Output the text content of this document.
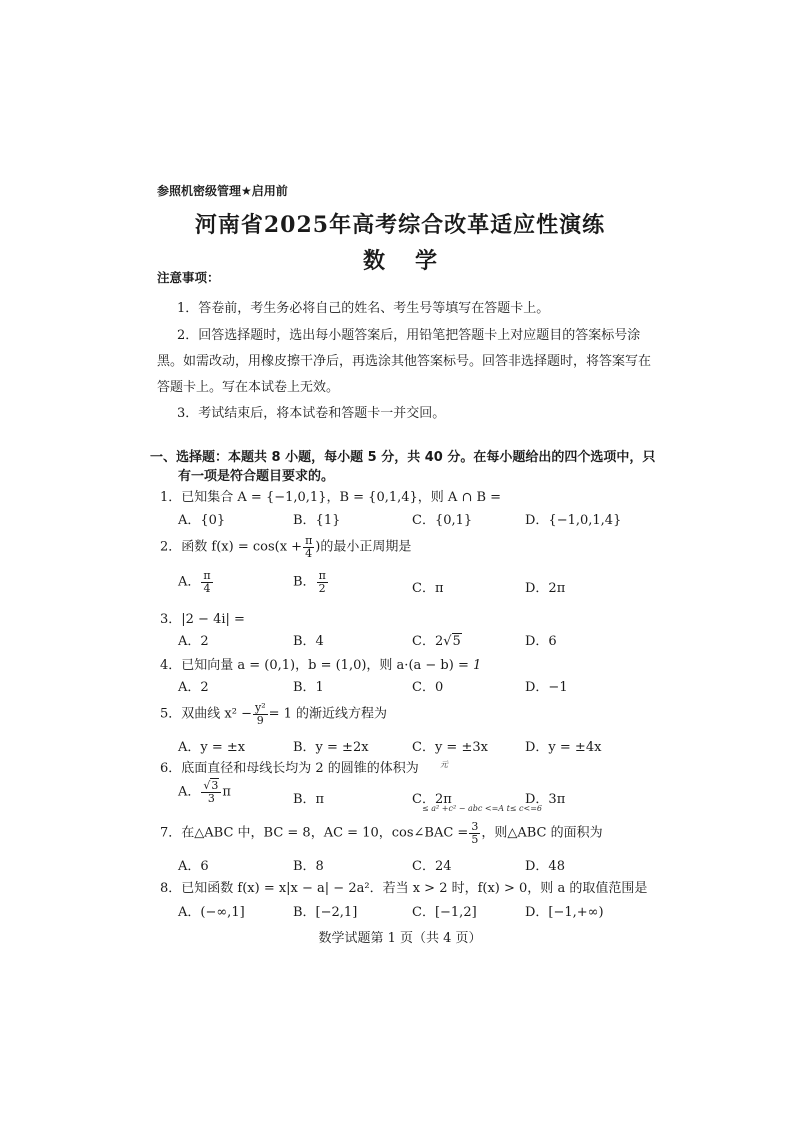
参照机密级管理★启用前
河南省2025年高考综合改革适应性演练
数学
注意事项：
1．答卷前，考生务必将自己的姓名、考生号等填写在答题卡上。
2．回答选择题时，选出每小题答案后，用铅笔把答题卡上对应题目的答案标号涂
黑。如需改动，用橡皮擦干净后，再选涂其他答案标号。回答非选择题时，将答案写在
答题卡上。写在本试卷上无效。
3．考试结束后，将本试卷和答题卡一并交回。
一、选择题：本题共 8 小题，每小题 5 分，共 40 分。在每小题给出的四个选项中，只
有一项是符合题目要求的。
1．已知集合 A = {−1,0,1}，B = {0,1,4}，则 A ∩ B =
A．{0}	B．{1}	C．{0,1}	D．{−1,0,1,4}
2．函数 $f(x) = \cos(x + \frac{\pi}{4}$ )的最小正周期是
A． $\frac{\pi}{4}$	B． $\frac{\pi}{2}$	C．π	D．2π
3．|2 − 4i| =
A．2	B．4	C．2√5	D．6
4．已知向量 a = (0,1)，b = (1,0)，则 a·(a − b) = 1
A．2	B．1	C．0	D．−1
5．双曲线 $x^2 - \frac{\text{y²}}{9} = 1$ 的渐近线方程为
A．y = ±x	B．y = ±2x	C．y = ±3x	D．y = ±4x
6．底面直径和母线长均为 2 的圆锥的体积为	元
A． $\frac{√3}{3}$ π	B．π	C．2π	D．3π
≤ a² +c² − abc <=A t≤ c<=6
7．在△ABC 中，BC = 8，AC = 10，cos∠BAC = $\frac{3}{5}$ ，则△ABC 的面积为
A．6	B．8	C．24	D．48
8．已知函数 f(x) = x|x − a| − 2a²．若当 x > 2 时，f(x) > 0，则 a 的取值范围是
A．(−∞,1]	B．[−2,1]	C．[−1,2]	D．[−1,+∞)
数学试题第 1 页（共 4 页）
